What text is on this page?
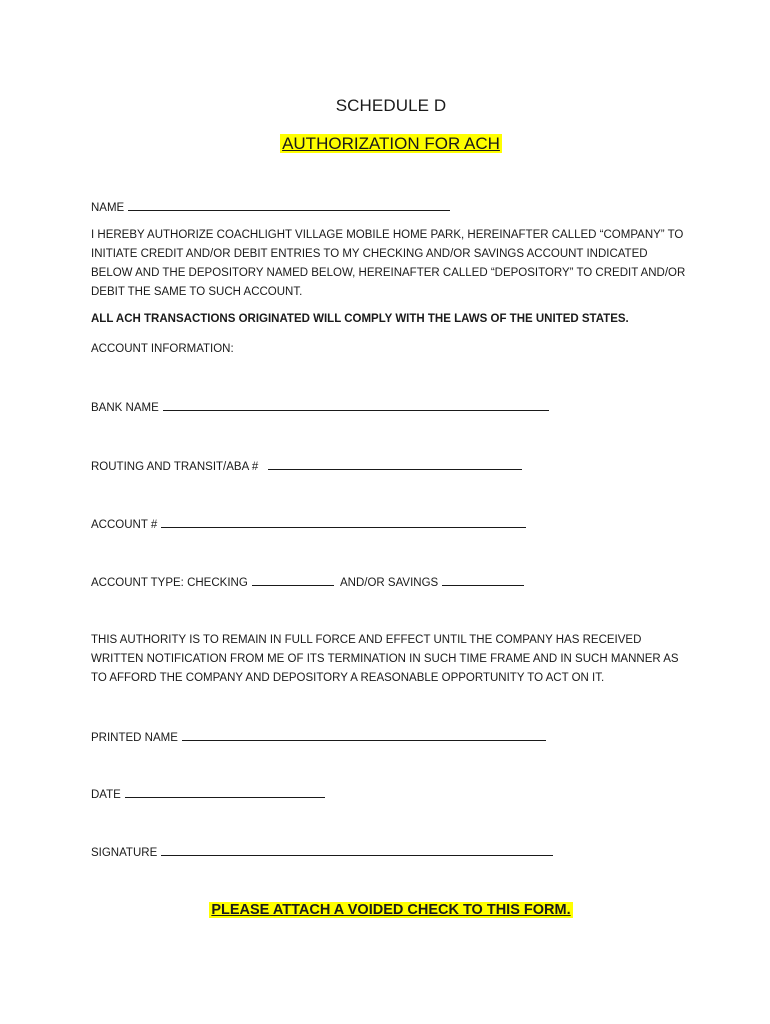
SCHEDULE D
AUTHORIZATION FOR ACH
NAME
I HEREBY AUTHORIZE COACHLIGHT VILLAGE MOBILE HOME PARK, HEREINAFTER CALLED “COMPANY” TO INITIATE CREDIT AND/OR DEBIT ENTRIES TO MY CHECKING AND/OR SAVINGS ACCOUNT INDICATED BELOW AND THE DEPOSITORY NAMED BELOW, HEREINAFTER CALLED “DEPOSITORY” TO CREDIT AND/OR DEBIT THE SAME TO SUCH ACCOUNT.
ALL ACH TRANSACTIONS ORIGINATED WILL COMPLY WITH THE LAWS OF THE UNITED STATES.
ACCOUNT INFORMATION:
BANK NAME
ROUTING AND TRANSIT/ABA #
ACCOUNT #
ACCOUNT TYPE: CHECKING	AND/OR SAVINGS
THIS AUTHORITY IS TO REMAIN IN FULL FORCE AND EFFECT UNTIL THE COMPANY HAS RECEIVED WRITTEN NOTIFICATION FROM ME OF ITS TERMINATION IN SUCH TIME FRAME AND IN SUCH MANNER AS TO AFFORD THE COMPANY AND DEPOSITORY A REASONABLE OPPORTUNITY TO ACT ON IT.
PRINTED NAME
DATE
SIGNATURE
PLEASE ATTACH A VOIDED CHECK TO THIS FORM.
